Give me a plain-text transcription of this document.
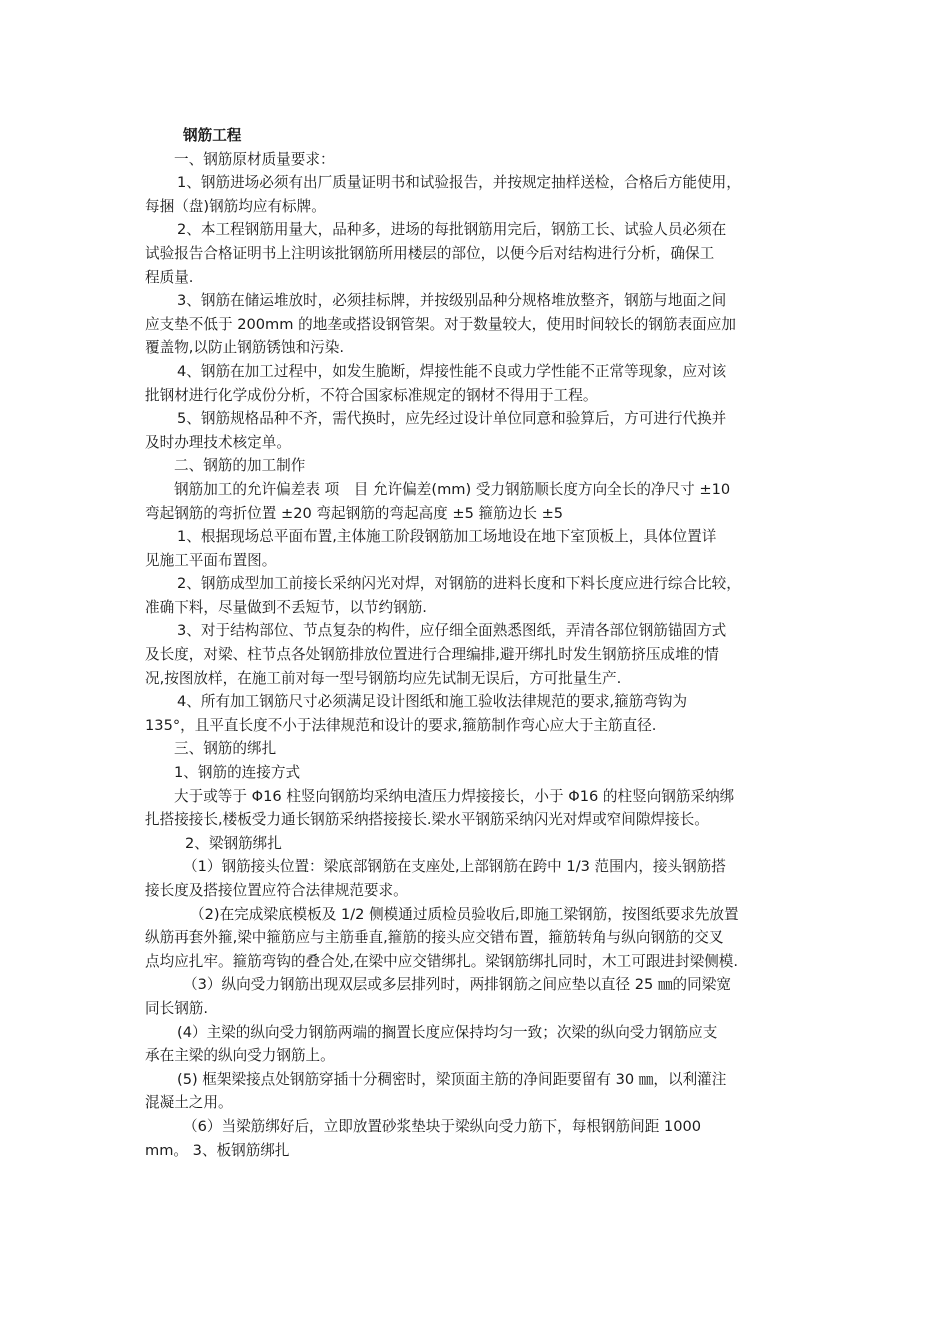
钢筋工程
一、钢筋原材质量要求：
1、钢筋进场必须有出厂质量证明书和试验报告，并按规定抽样送检，合格后方能使用，
每捆（盘)钢筋均应有标牌。
2、本工程钢筋用量大，品种多，进场的每批钢筋用完后，钢筋工长、试验人员必须在
试验报告合格证明书上注明该批钢筋所用楼层的部位，以便今后对结构进行分析，确保工
程质量.
3、钢筋在储运堆放时，必须挂标牌，并按级别品种分规格堆放整齐，钢筋与地面之间
应支垫不低于 200mm 的地垄或搭设钢管架。对于数量较大，使用时间较长的钢筋表面应加
覆盖物,以防止钢筋锈蚀和污染.
4、钢筋在加工过程中，如发生脆断，焊接性能不良或力学性能不正常等现象，应对该
批钢材进行化学成份分析，不符合国家标准规定的钢材不得用于工程。
5、钢筋规格品种不齐，需代换时，应先经过设计单位同意和验算后，方可进行代换并
及时办理技术核定单。
二、钢筋的加工制作
钢筋加工的允许偏差表 项　目 允许偏差(mm) 受力钢筋顺长度方向全长的净尺寸 ±10
弯起钢筋的弯折位置 ±20 弯起钢筋的弯起高度 ±5 箍筋边长 ±5
1、根据现场总平面布置,主体施工阶段钢筋加工场地设在地下室顶板上，具体位置详
见施工平面布置图。
2、钢筋成型加工前接长采纳闪光对焊，对钢筋的进料长度和下料长度应进行综合比较，
准确下料，尽量做到不丢短节，以节约钢筋.
3、对于结构部位、节点复杂的构件，应仔细全面熟悉图纸，弄清各部位钢筋锚固方式
及长度，对梁、柱节点各处钢筋排放位置进行合理编排,避开绑扎时发生钢筋挤压成堆的情
况,按图放样，在施工前对每一型号钢筋均应先试制无误后，方可批量生产.
4、所有加工钢筋尺寸必须满足设计图纸和施工验收法律规范的要求,箍筋弯钩为
135°，且平直长度不小于法律规范和设计的要求,箍筋制作弯心应大于主筋直径.
三、钢筋的绑扎
1、钢筋的连接方式
大于或等于 Φ16 柱竖向钢筋均采纳电渣压力焊接接长，小于 Φ16 的柱竖向钢筋采纳绑
扎搭接接长,楼板受力通长钢筋采纳搭接接长.梁水平钢筋采纳闪光对焊或窄间隙焊接长。
2、梁钢筋绑扎
（1）钢筋接头位置：梁底部钢筋在支座处,上部钢筋在跨中 1/3 范围内，接头钢筋搭
接长度及搭接位置应符合法律规范要求。
（2)在完成梁底模板及 1/2 侧模通过质检员验收后,即施工梁钢筋，按图纸要求先放置
纵筋再套外箍,梁中箍筋应与主筋垂直,箍筋的接头应交错布置，箍筋转角与纵向钢筋的交叉
点均应扎牢。箍筋弯钩的叠合处,在梁中应交错绑扎。梁钢筋绑扎同时，木工可跟进封梁侧模.
（3）纵向受力钢筋出现双层或多层排列时，两排钢筋之间应垫以直径 25 ㎜的同梁宽
同长钢筋.
(4）主梁的纵向受力钢筋两端的搁置长度应保持均匀一致；次梁的纵向受力钢筋应支
承在主梁的纵向受力钢筋上。
(5) 框架梁接点处钢筋穿插十分稠密时，梁顶面主筋的净间距要留有 30 ㎜，以利灌注
混凝土之用。
（6）当梁筋绑好后，立即放置砂浆垫块于梁纵向受力筋下，每根钢筋间距 1000
mm。 3、板钢筋绑扎
